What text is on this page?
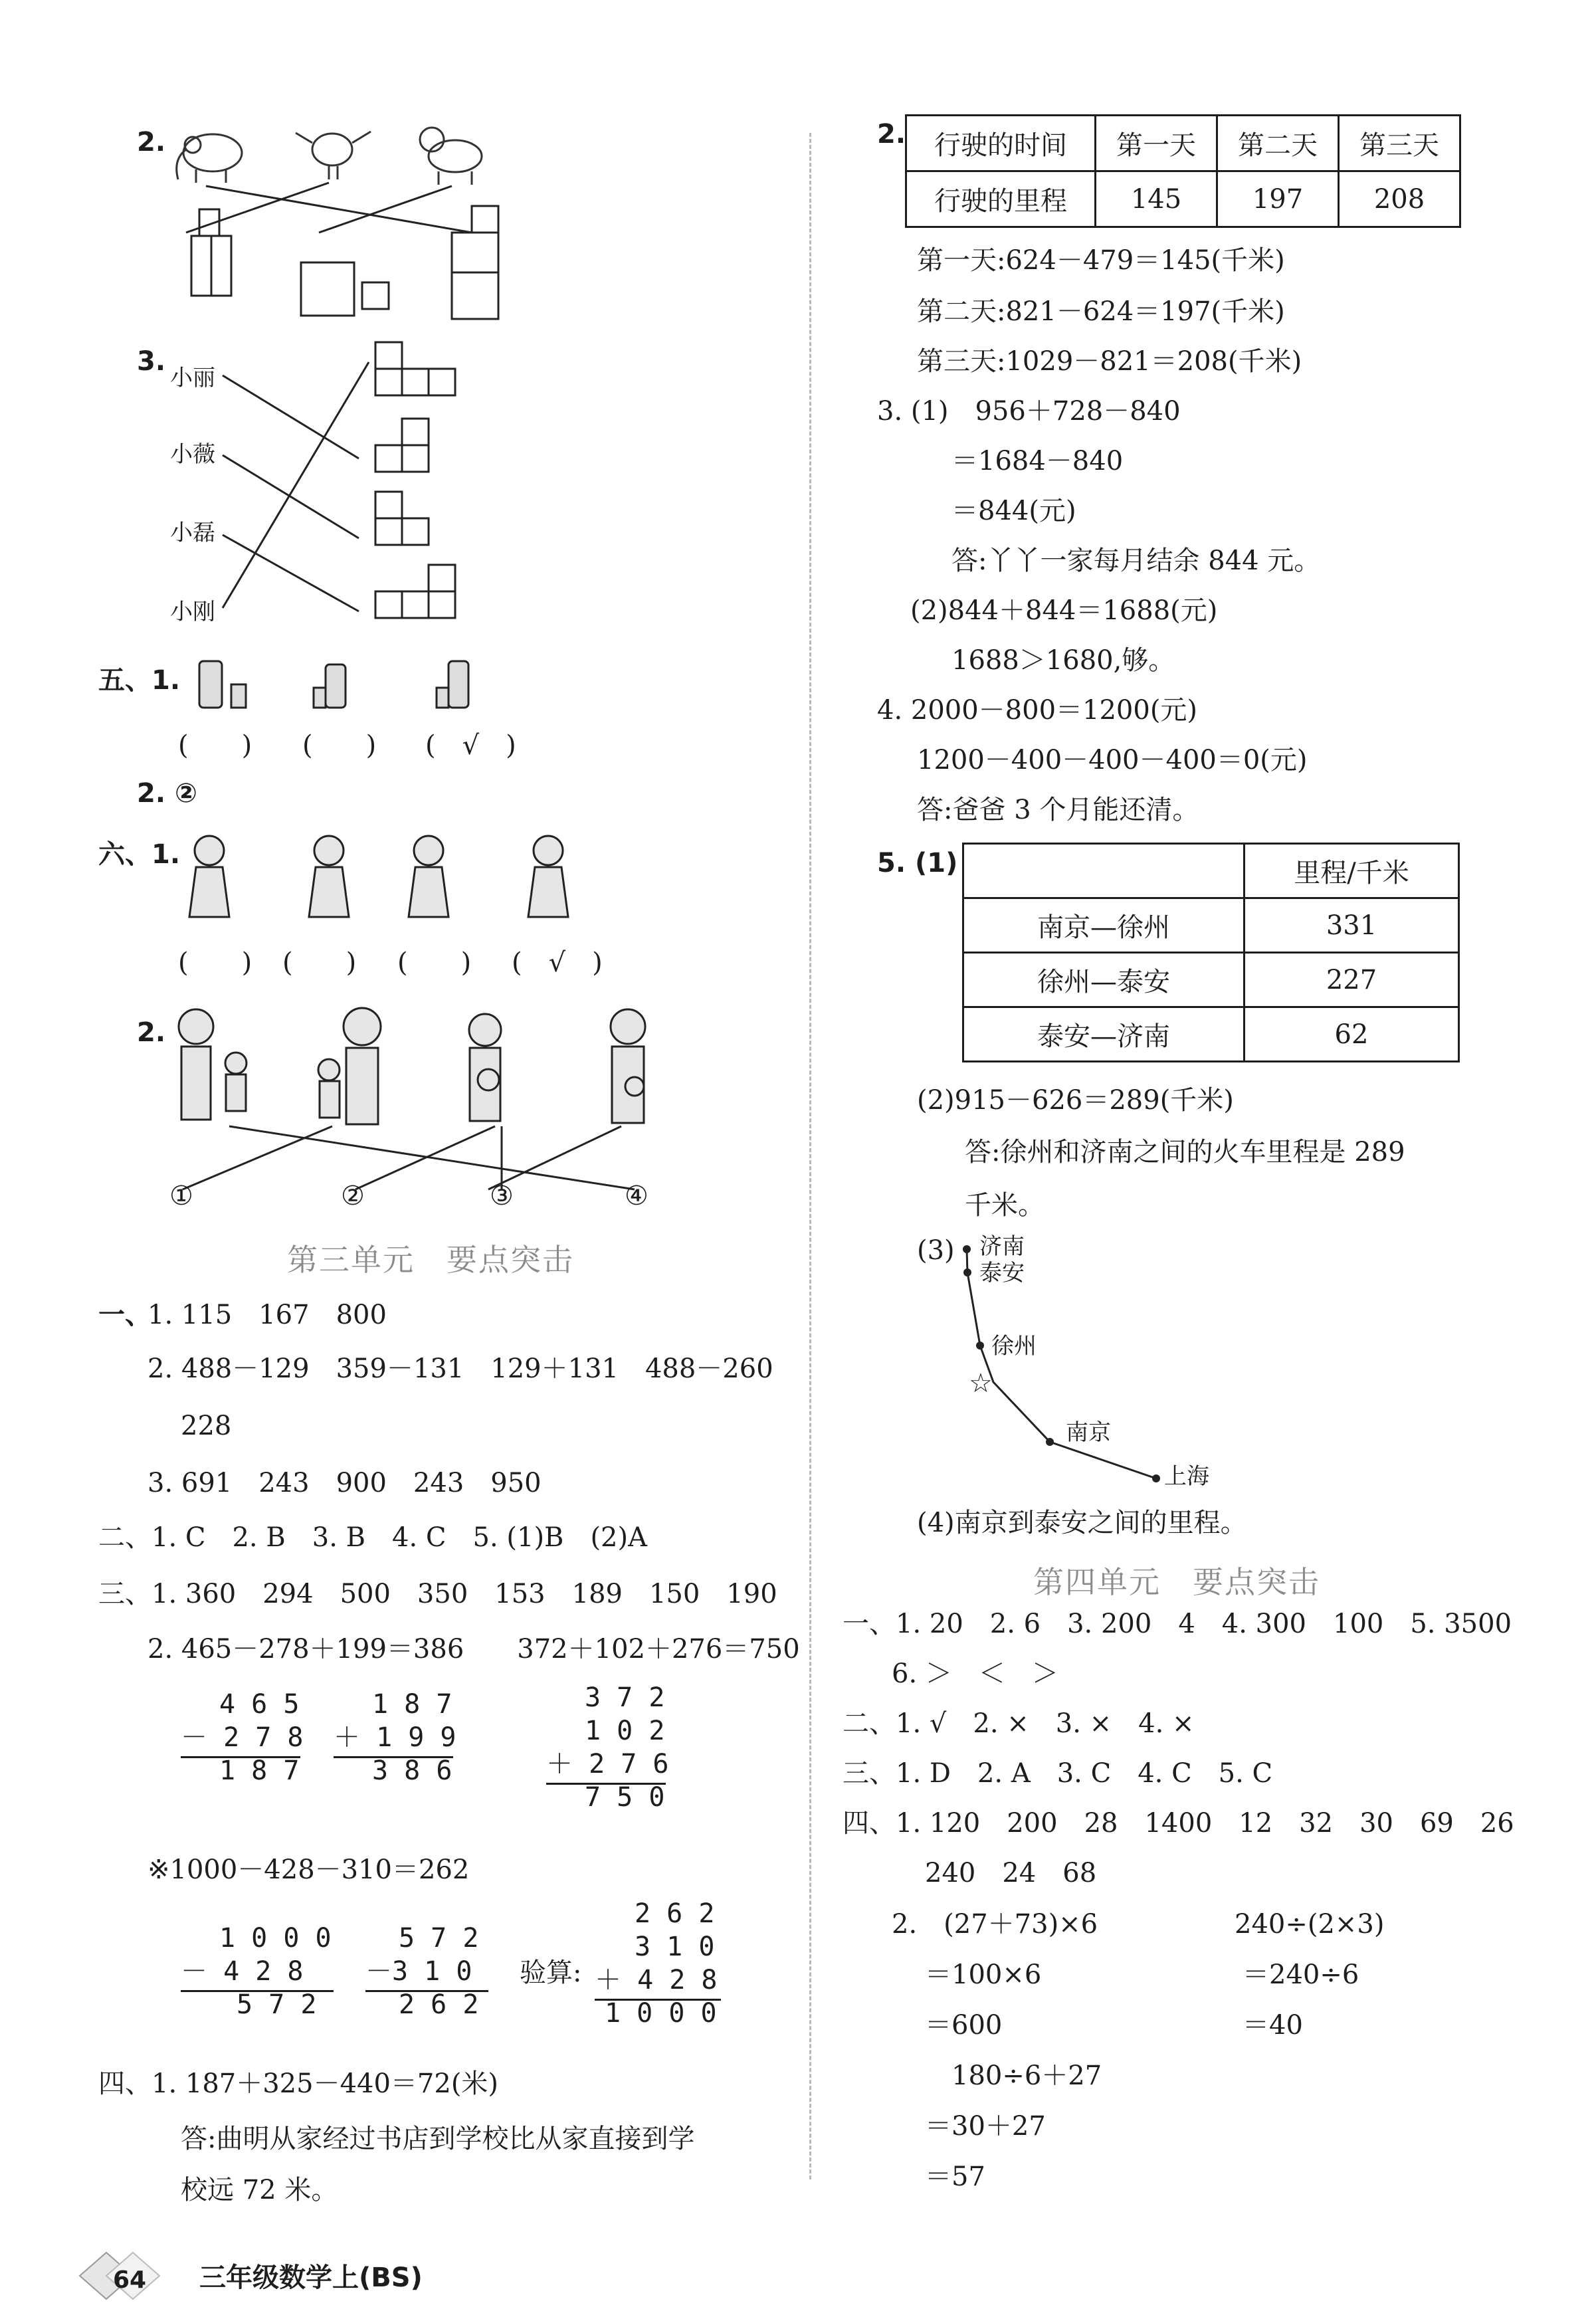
2.
3.
小丽
小薇
小磊
小刚
五、1.
(　　) (　　) (　√　)
2. ②
六、1.
(　　) (　　) (　　) (　√　)
2.
①	②	③	④
第三单元　要点突击
一、
1. 115　167　800
2. 488－129　359－131　129＋131　488－260
228
3. 691　243　900　243　950
二、1. C　2. B　3. B　4. C　5. (1)B　(2)A
三、1. 360　294　500　350　153　189　150　190
2. 465－278＋199＝386　　372＋102＋276＝750
4 6 5
－ 2 7 8
1 8 7
1 8 7
＋ 1 9 9
3 8 6
3 7 2
1 0 2
＋ 2 7 6
7 5 0
※1000－428－310＝262
1 0 0 0
－ 4 2 8
5 7 2
5 7 2
－3 1 0
2 6 2
验算:
2 6 2
3 1 0
＋ 4 2 8
1 0 0 0
四、1. 187＋325－440＝72(米)
答:曲明从家经过书店到学校比从家直接到学
校远 72 米。
64 三年级数学上(BS)
2. 行驶的时间	第一天	第二天	第三天
行驶的里程	145	197	208
第一天:624－479＝145(千米)
第二天:821－624＝197(千米)
第三天:1029－821＝208(千米)
3. (1)　956＋728－840
＝1684－840
＝844(元)
答:丫丫一家每月结余 844 元。
(2)844＋844＝1688(元)
1688＞1680,够。
4. 2000－800＝1200(元)
1200－400－400－400＝0(元)
答:爸爸 3 个月能还清。
5. (1)
		里程/千米
南京—徐州	331
徐州—泰安	227
泰安—济南	62
(2)915－626＝289(千米)
答:徐州和济南之间的火车里程是 289
千米。
(3) 济南
泰安
徐州
☆
南京
上海
(4)南京到泰安之间的里程。
第四单元　要点突击
一、1. 20　2. 6　3. 200　4　4. 300　100　5. 3500
6. ＞　＜　＞
二、1. √　2. ×　3. ×　4. ×
三、1. D　2. A　3. C　4. C　5. C
四、1. 120　200　28　1400　12　32　30　69　26
240　24　68
2.　(27＋73)×6
＝100×6
＝600
240÷(2×3)
＝240÷6
＝40
180÷6＋27
＝30＋27
＝57
